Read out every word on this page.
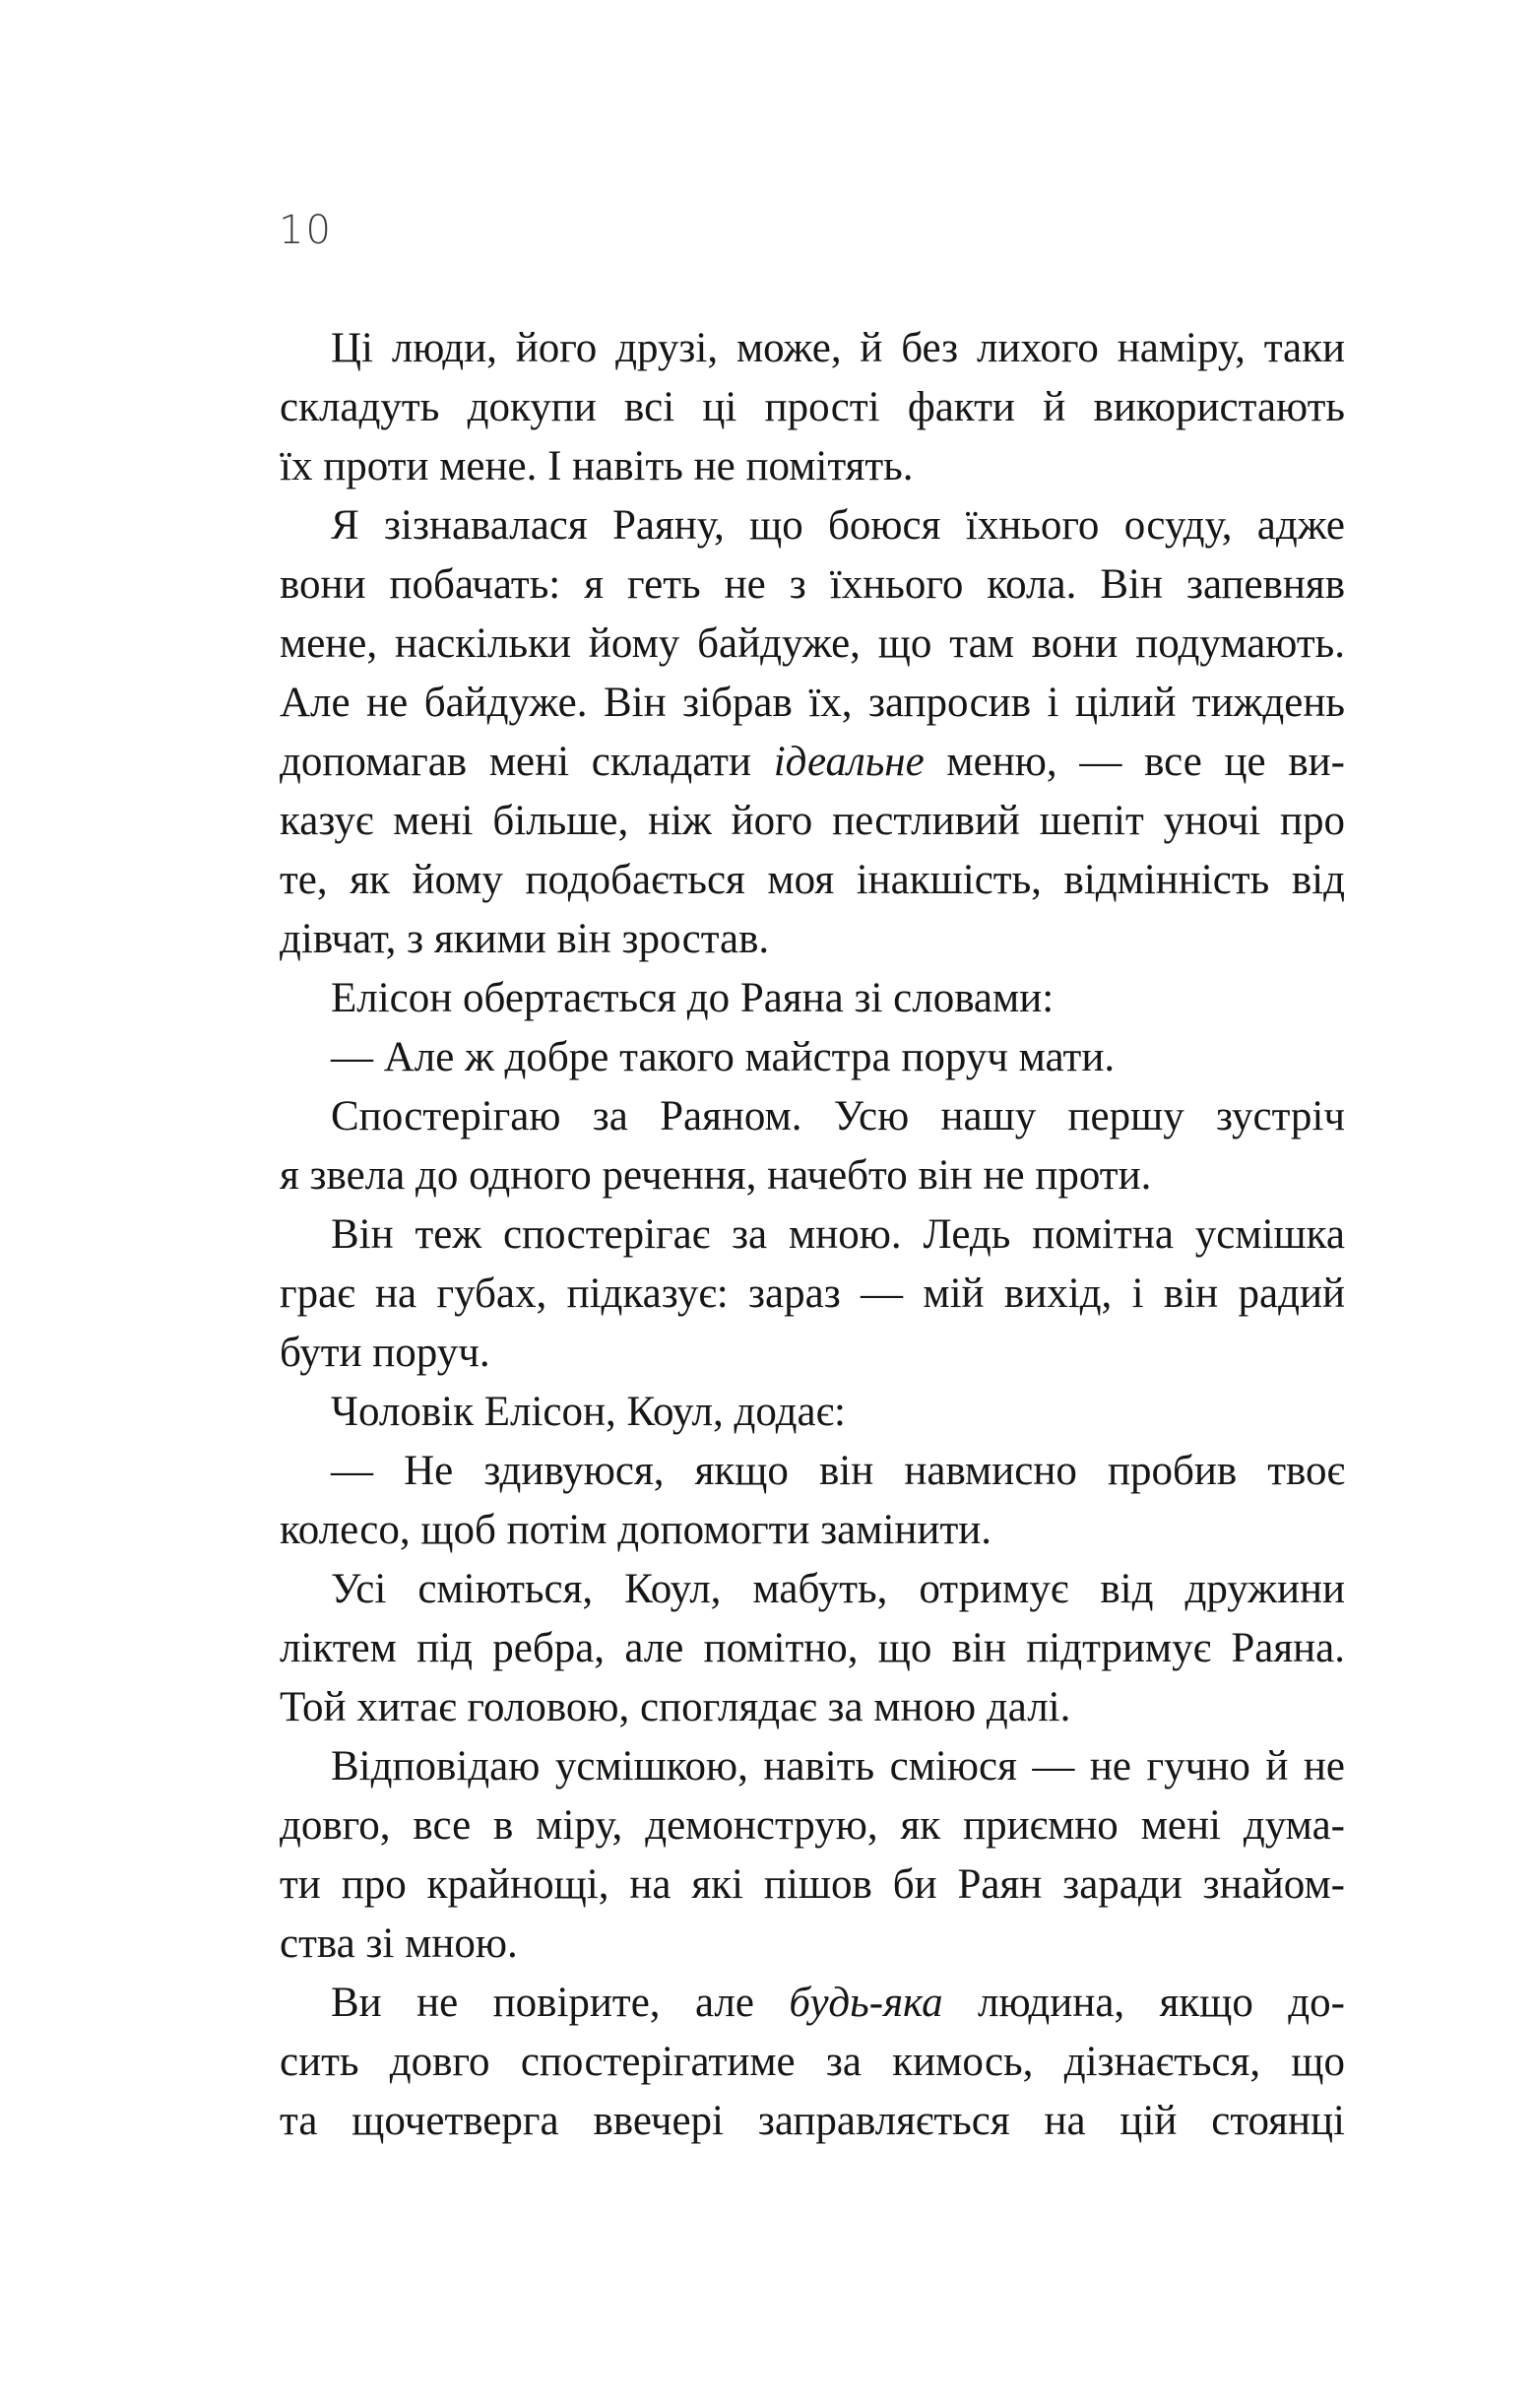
10

Ці люди, його друзі, може, й без лихого наміру, таки
складуть докупи всі ці прості факти й використають
їх проти мене. І навіть не помітять.

Я зізнавалася Раяну, що боюся їхнього осуду, адже
вони побачать: я геть не з їхнього кола. Він запевняв
мене, наскільки йому байдуже, що там вони подумають.
Але не байдуже. Він зібрав їх, запросив і цілий тиждень
допомагав мені складати ідеальне меню, — все це ви-
казує мені більше, ніж його пестливий шепіт уночі про
те, як йому подобається моя інакшість, відмінність від
дівчат, з якими він зростав.

Елісон обертається до Раяна зі словами:

— Але ж добре такого майстра поруч мати.

Спостерігаю за Раяном. Усю нашу першу зустріч
я звела до одного речення, начебто він не проти.

Він теж спостерігає за мною. Ледь помітна усмішка
грає на губах, підказує: зараз — мій вихід, і він радий
бути поруч.

Чоловік Елісон, Коул, додає:

— Не здивуюся, якщо він навмисно пробив твоє
колесо, щоб потім допомогти замінити.

Усі сміються, Коул, мабуть, отримує від дружини
ліктем під ребра, але помітно, що він підтримує Раяна.
Той хитає головою, споглядає за мною далі.

Відповідаю усмішкою, навіть сміюся — не гучно й не
довго, все в міру, демонструю, як приємно мені дума-
ти про крайнощі, на які пішов би Раян заради знайом-
ства зі мною.

Ви не повірите, але будь-яка людина, якщо до-
сить довго спостерігатиме за кимось, дізнається, що
та щочетверга ввечері заправляється на цій стоянці
